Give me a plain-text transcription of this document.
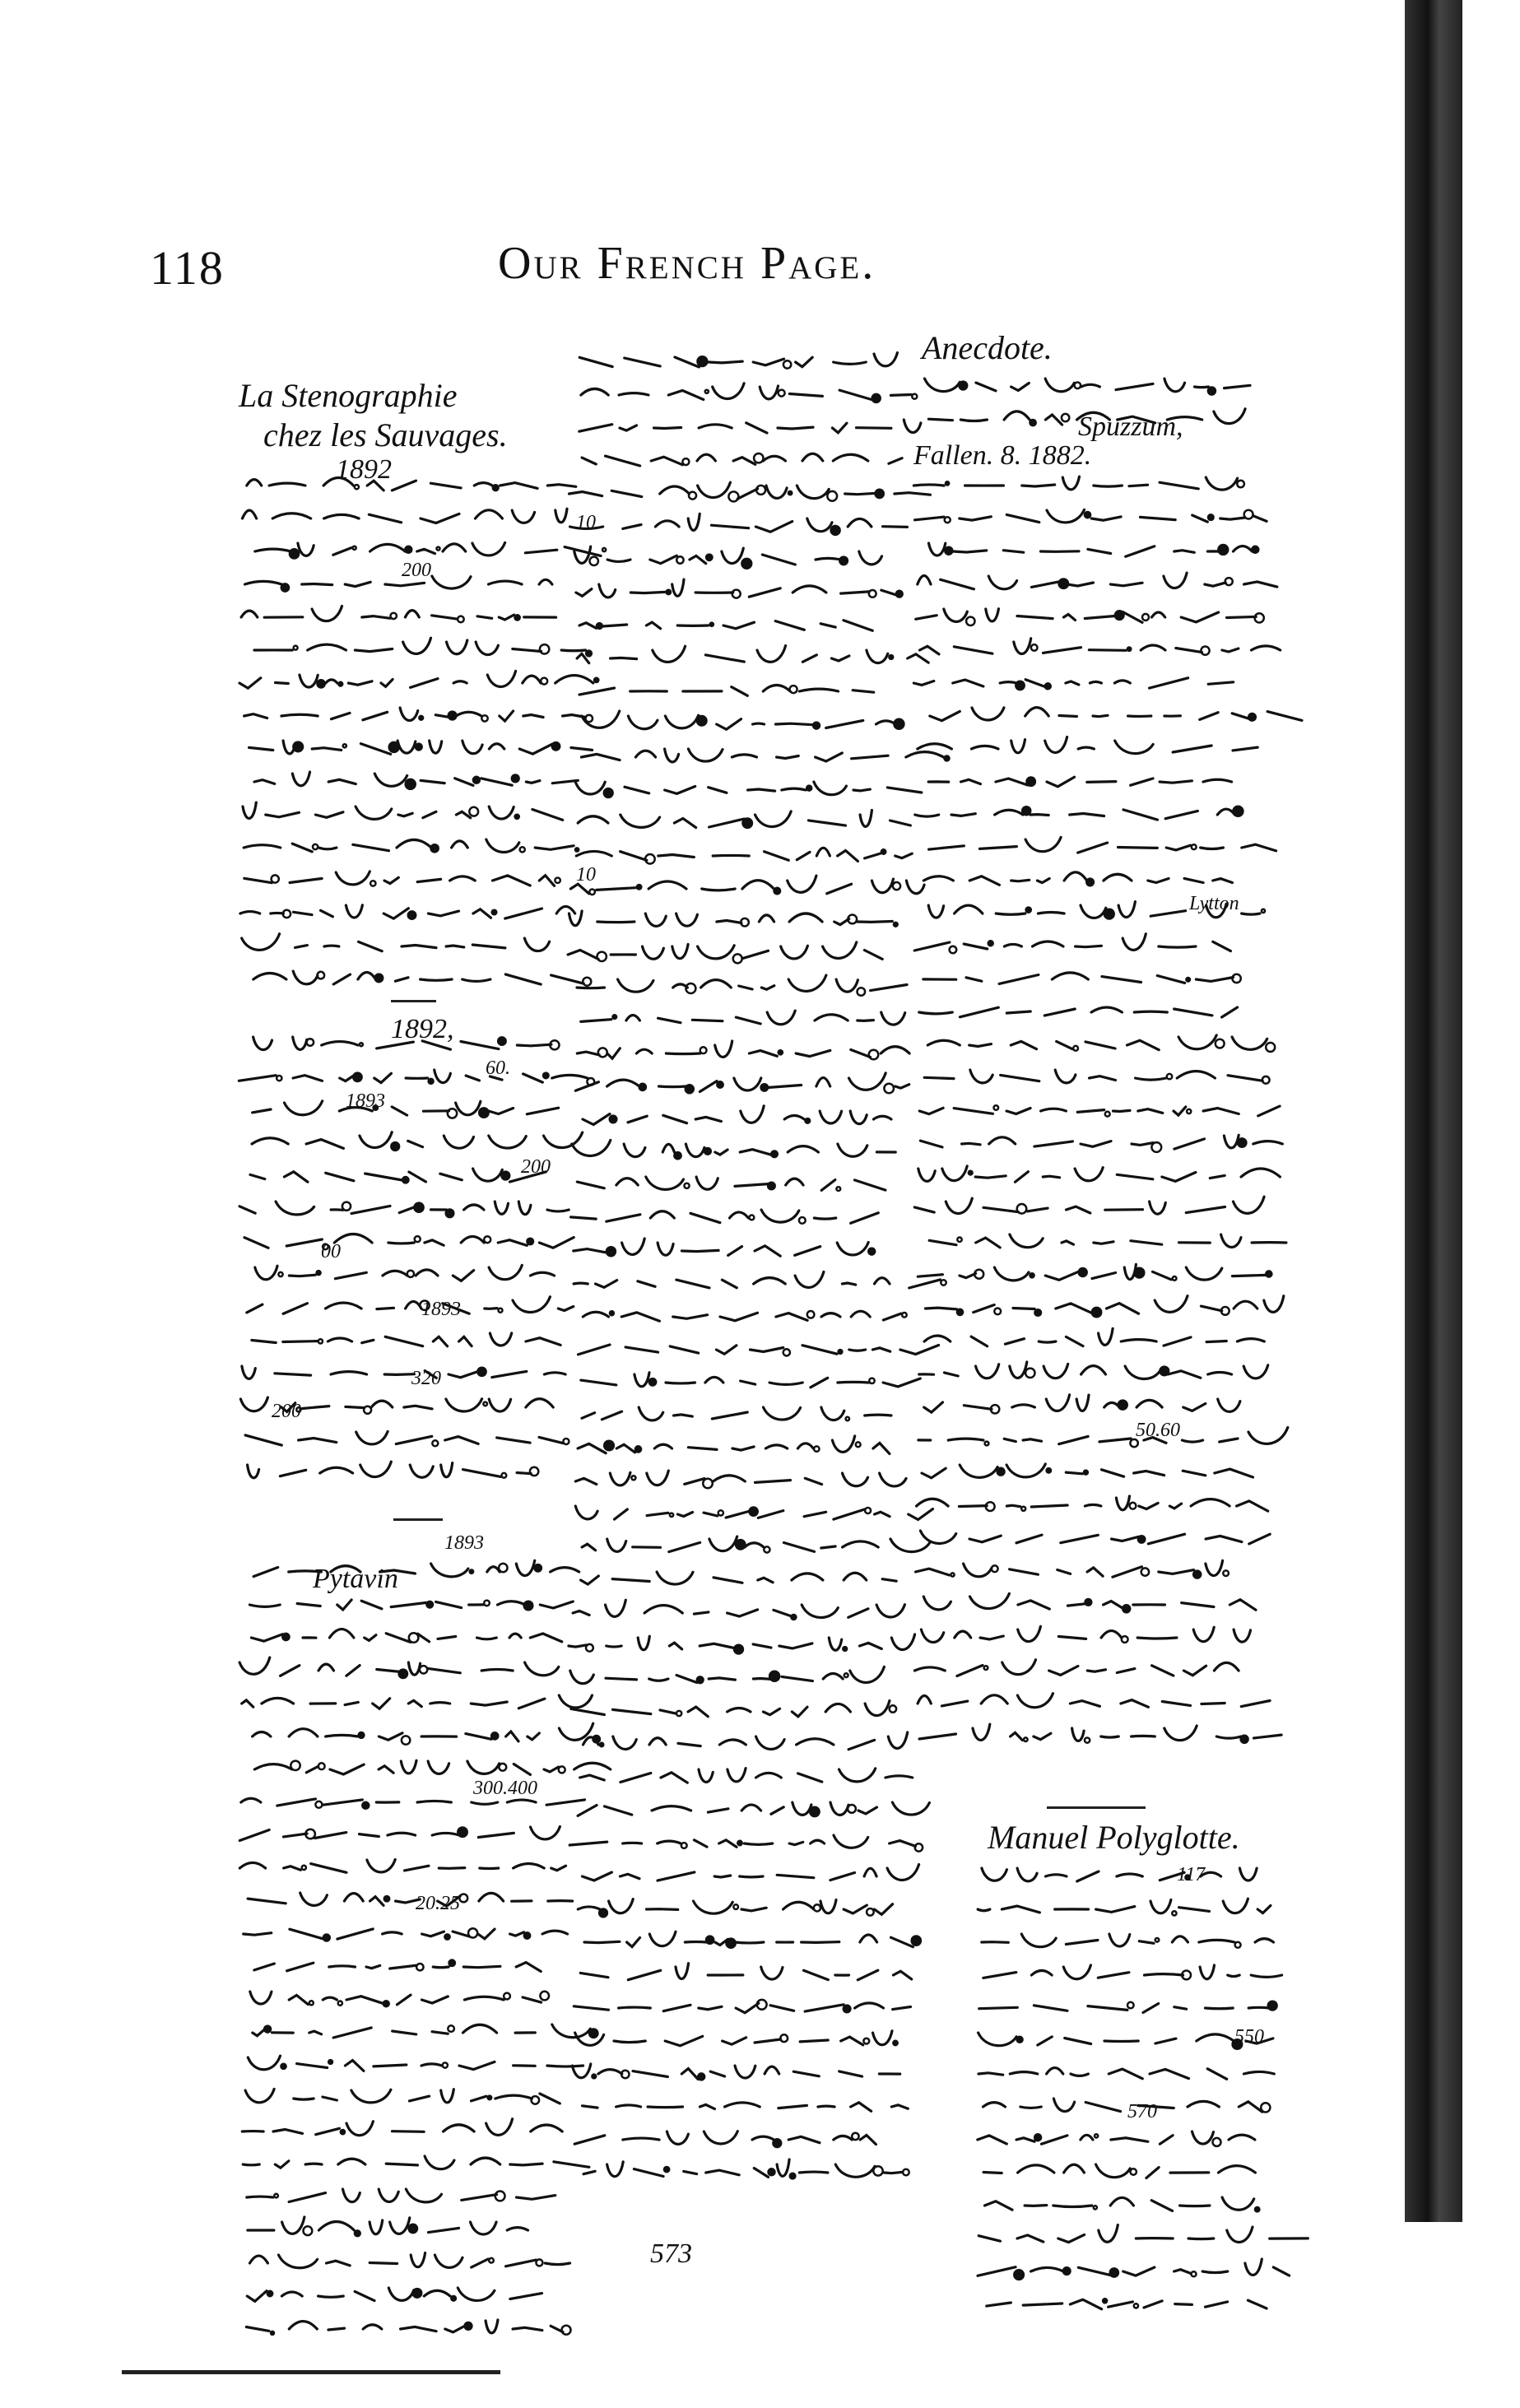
118	Our French Page.
La Stenographie
chez les Sauvages.
1892
200
1892,
60.
1893
200
00
1893
320
200
1893
Pytavin
300.400
20.25
10
10
573
Anecdote.
Spuzzum,
Fallen. 8. 1882.
Lytton
50.60
Manuel Polyglotte.
117
550
570
